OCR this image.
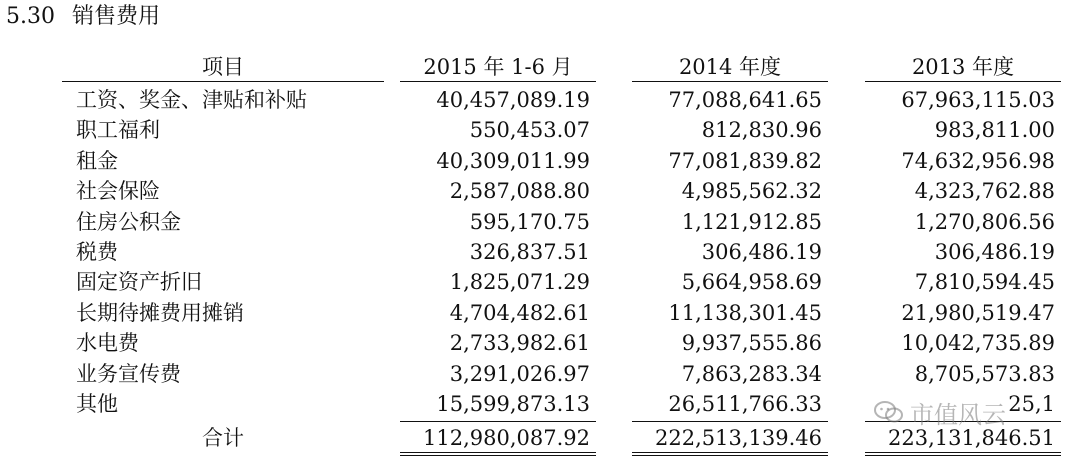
5.30 销售费用
项目	2015 年 1-6 月	2014 年度	2013 年度
工资、奖金、津贴和补贴	40,457,089.19	77,088,641.65	67,963,115.03
职工福利	550,453.07	812,830.96	983,811.00
租金	40,309,011.99	77,081,839.82	74,632,956.98
社会保险	2,587,088.80	4,985,562.32	4,323,762.88
住房公积金	595,170.75	1,121,912.85	1,270,806.56
税费	326,837.51	306,486.19	306,486.19
固定资产折旧	1,825,071.29	5,664,958.69	7,810,594.45
长期待摊费用摊销	4,704,482.61	11,138,301.45	21,980,519.47
水电费	2,733,982.61	9,937,555.86	10,042,735.89
业务宣传费	3,291,026.97	7,863,283.34	8,705,573.83
其他	15,599,873.13	26,511,766.33	25,1
合计	112,980,087.92	222,513,139.46	223,131,846.51
市值风云
